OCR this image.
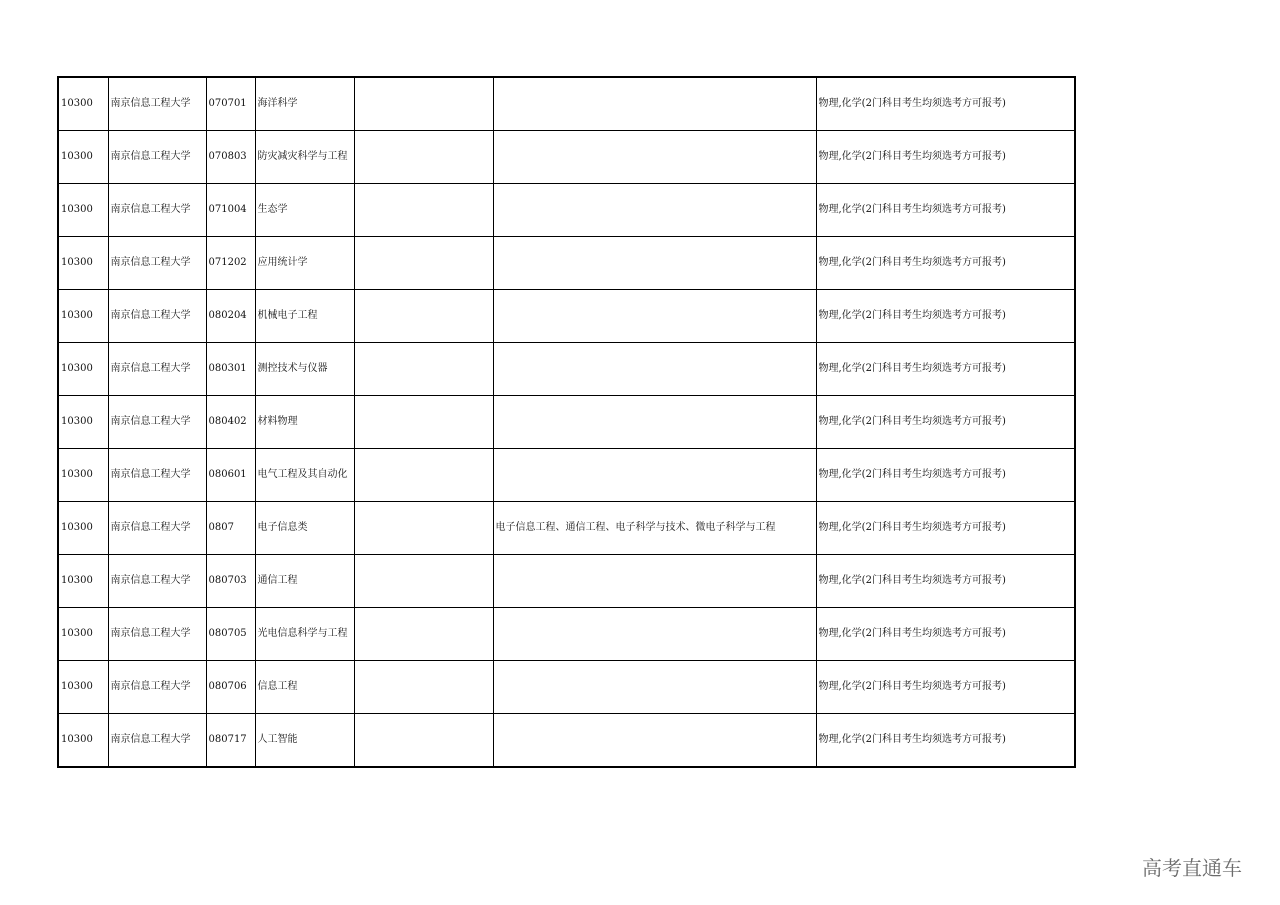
10300	南京信息工程大学	070701	海洋科学			物理,化学(2门科目考生均须选考方可报考)
10300	南京信息工程大学	070803	防灾减灾科学与工程			物理,化学(2门科目考生均须选考方可报考)
10300	南京信息工程大学	071004	生态学			物理,化学(2门科目考生均须选考方可报考)
10300	南京信息工程大学	071202	应用统计学			物理,化学(2门科目考生均须选考方可报考)
10300	南京信息工程大学	080204	机械电子工程			物理,化学(2门科目考生均须选考方可报考)
10300	南京信息工程大学	080301	测控技术与仪器			物理,化学(2门科目考生均须选考方可报考)
10300	南京信息工程大学	080402	材料物理			物理,化学(2门科目考生均须选考方可报考)
10300	南京信息工程大学	080601	电气工程及其自动化			物理,化学(2门科目考生均须选考方可报考)
10300	南京信息工程大学	0807	电子信息类		电子信息工程、通信工程、电子科学与技术、微电子科学与工程	物理,化学(2门科目考生均须选考方可报考)
10300	南京信息工程大学	080703	通信工程			物理,化学(2门科目考生均须选考方可报考)
10300	南京信息工程大学	080705	光电信息科学与工程			物理,化学(2门科目考生均须选考方可报考)
10300	南京信息工程大学	080706	信息工程			物理,化学(2门科目考生均须选考方可报考)
10300	南京信息工程大学	080717	人工智能			物理,化学(2门科目考生均须选考方可报考)
高考直通车
